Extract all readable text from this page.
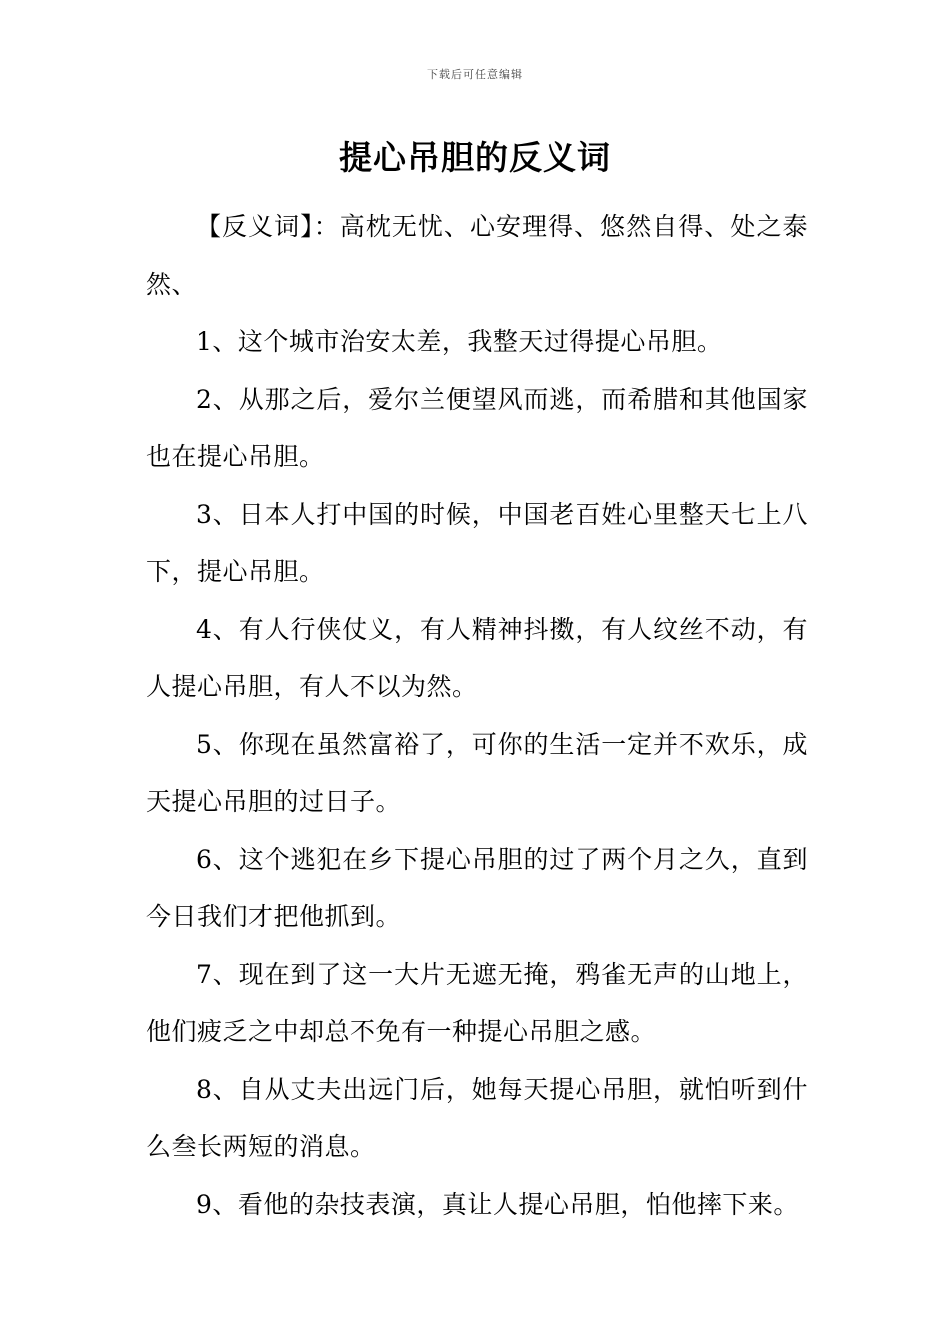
下载后可任意编辑
提心吊胆的反义词

【反义词】：高枕无忧、心安理得、悠然自得、处之泰然、

1、这个城市治安太差，我整天过得提心吊胆。

2、从那之后，爱尔兰便望风而逃，而希腊和其他国家也在提心吊胆。

3、日本人打中国的时候，中国老百姓心里整天七上八下，提心吊胆。

4、有人行侠仗义，有人精神抖擞，有人纹丝不动，有人提心吊胆，有人不以为然。

5、你现在虽然富裕了，可你的生活一定并不欢乐，成天提心吊胆的过日子。

6、这个逃犯在乡下提心吊胆的过了两个月之久，直到今日我们才把他抓到。

7、现在到了这一大片无遮无掩，鸦雀无声的山地上，他们疲乏之中却总不免有一种提心吊胆之感。

8、自从丈夫出远门后，她每天提心吊胆，就怕听到什么叁长两短的消息。

9、看他的杂技表演，真让人提心吊胆，怕他摔下来。
